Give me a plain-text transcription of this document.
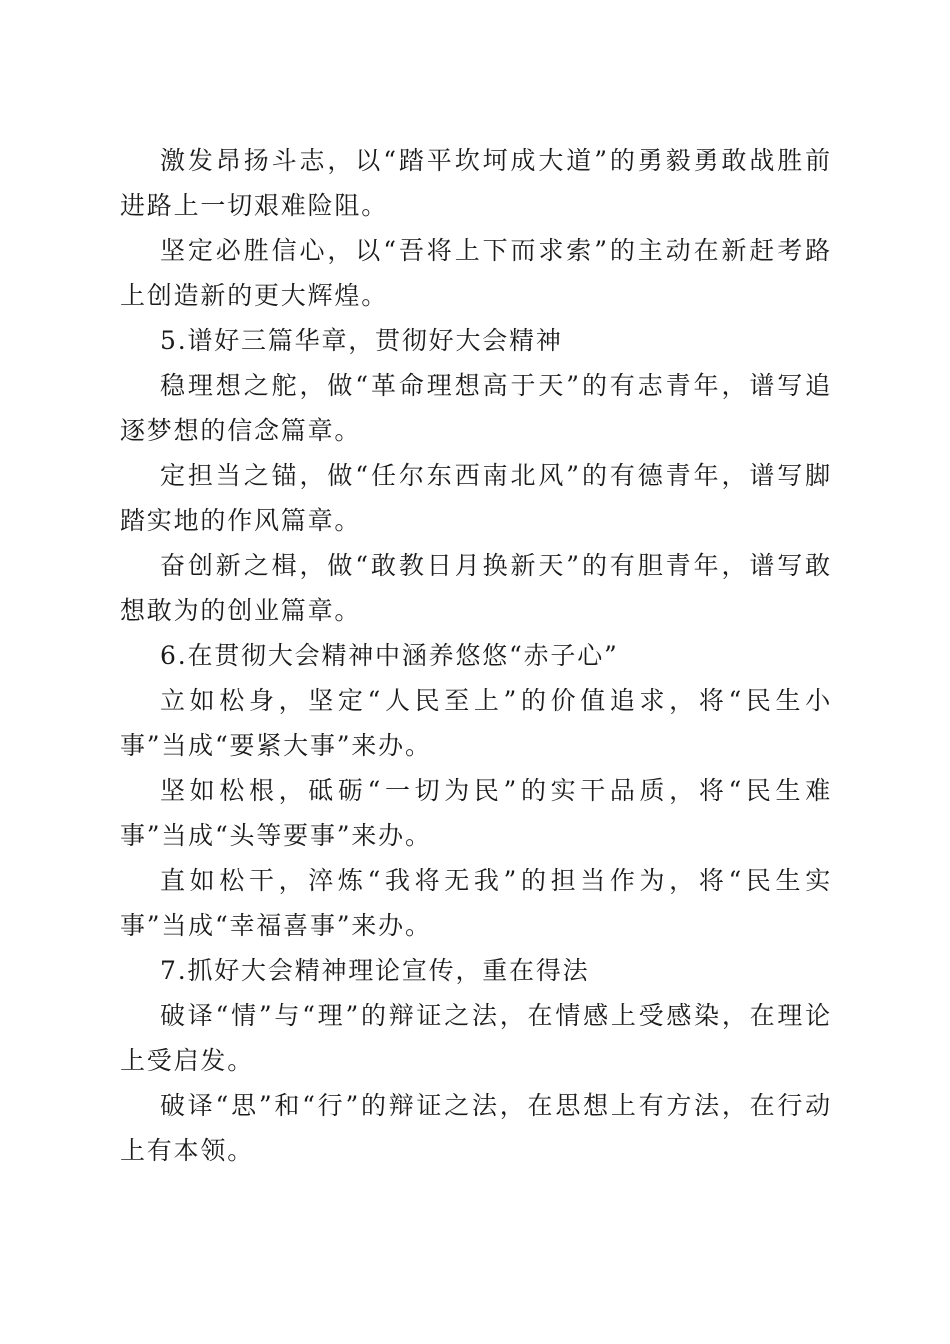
激发昂扬斗志，以“踏平坎坷成大道”的勇毅勇敢战胜前进路上一切艰难险阻。

坚定必胜信心，以“吾将上下而求索”的主动在新赶考路上创造新的更大辉煌。

5.谱好三篇华章，贯彻好大会精神

稳理想之舵，做“革命理想高于天”的有志青年，谱写追逐梦想的信念篇章。

定担当之锚，做“任尔东西南北风”的有德青年，谱写脚踏实地的作风篇章。

奋创新之楫，做“敢教日月换新天”的有胆青年，谱写敢想敢为的创业篇章。

6.在贯彻大会精神中涵养悠悠“赤子心”

立如松身，坚定“人民至上”的价值追求，将“民生小事”当成“要紧大事”来办。

坚如松根，砥砺“一切为民”的实干品质，将“民生难事”当成“头等要事”来办。

直如松干，淬炼“我将无我”的担当作为，将“民生实事”当成“幸福喜事”来办。

7.抓好大会精神理论宣传，重在得法

破译“情”与“理”的辩证之法，在情感上受感染，在理论上受启发。

破译“思”和“行”的辩证之法，在思想上有方法，在行动上有本领。
